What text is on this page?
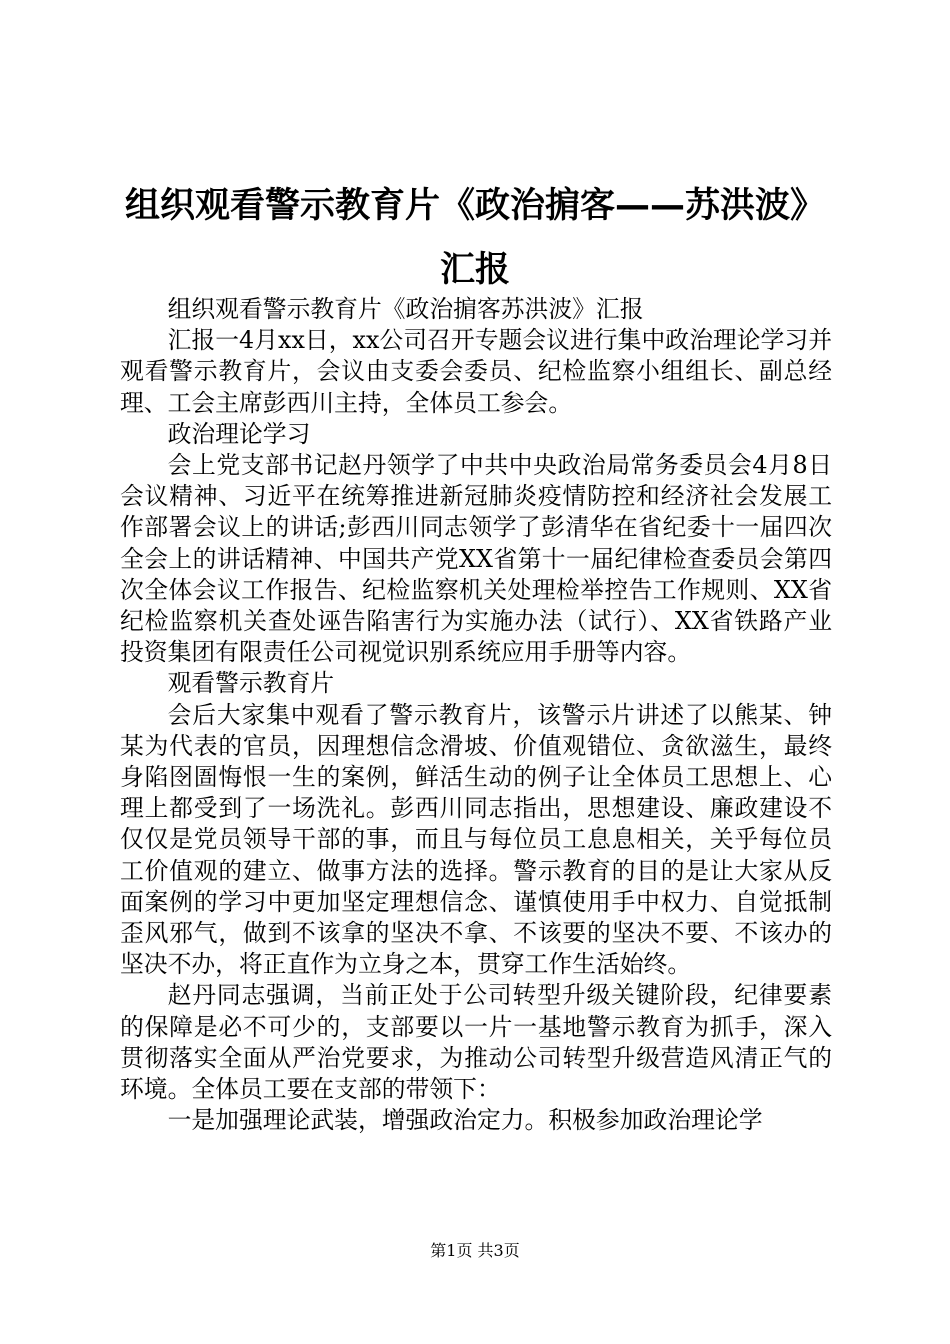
组织观看警示教育片《政治掮客——苏洪波》
汇报

组织观看警示教育片《政治掮客苏洪波》汇报

汇报一4月xx日，xx公司召开专题会议进行集中政治理论学习并观看警示教育片，会议由支委会委员、纪检监察小组组长、副总经理、工会主席彭西川主持，全体员工参会。

政治理论学习

会上党支部书记赵丹领学了中共中央政治局常务委员会4月8日会议精神、习近平在统筹推进新冠肺炎疫情防控和经济社会发展工作部署会议上的讲话;彭西川同志领学了彭清华在省纪委十一届四次全会上的讲话精神、中国共产党XX省第十一届纪律检查委员会第四次全体会议工作报告、纪检监察机关处理检举控告工作规则、XX省纪检监察机关查处诬告陷害行为实施办法（试行）、XX省铁路产业投资集团有限责任公司视觉识别系统应用手册等内容。

观看警示教育片

会后大家集中观看了警示教育片，该警示片讲述了以熊某、钟某为代表的官员，因理想信念滑坡、价值观错位、贪欲滋生，最终身陷囹圄悔恨一生的案例，鲜活生动的例子让全体员工思想上、心理上都受到了一场洗礼。彭西川同志指出，思想建设、廉政建设不仅仅是党员领导干部的事，而且与每位员工息息相关，关乎每位员工价值观的建立、做事方法的选择。警示教育的目的是让大家从反面案例的学习中更加坚定理想信念、谨慎使用手中权力、自觉抵制歪风邪气，做到不该拿的坚决不拿、不该要的坚决不要、不该办的坚决不办，将正直作为立身之本，贯穿工作生活始终。

赵丹同志强调，当前正处于公司转型升级关键阶段，纪律要素的保障是必不可少的，支部要以一片一基地警示教育为抓手，深入贯彻落实全面从严治党要求，为推动公司转型升级营造风清正气的环境。全体员工要在支部的带领下：

一是加强理论武装，增强政治定力。积极参加政治理论学

第1页 共3页
